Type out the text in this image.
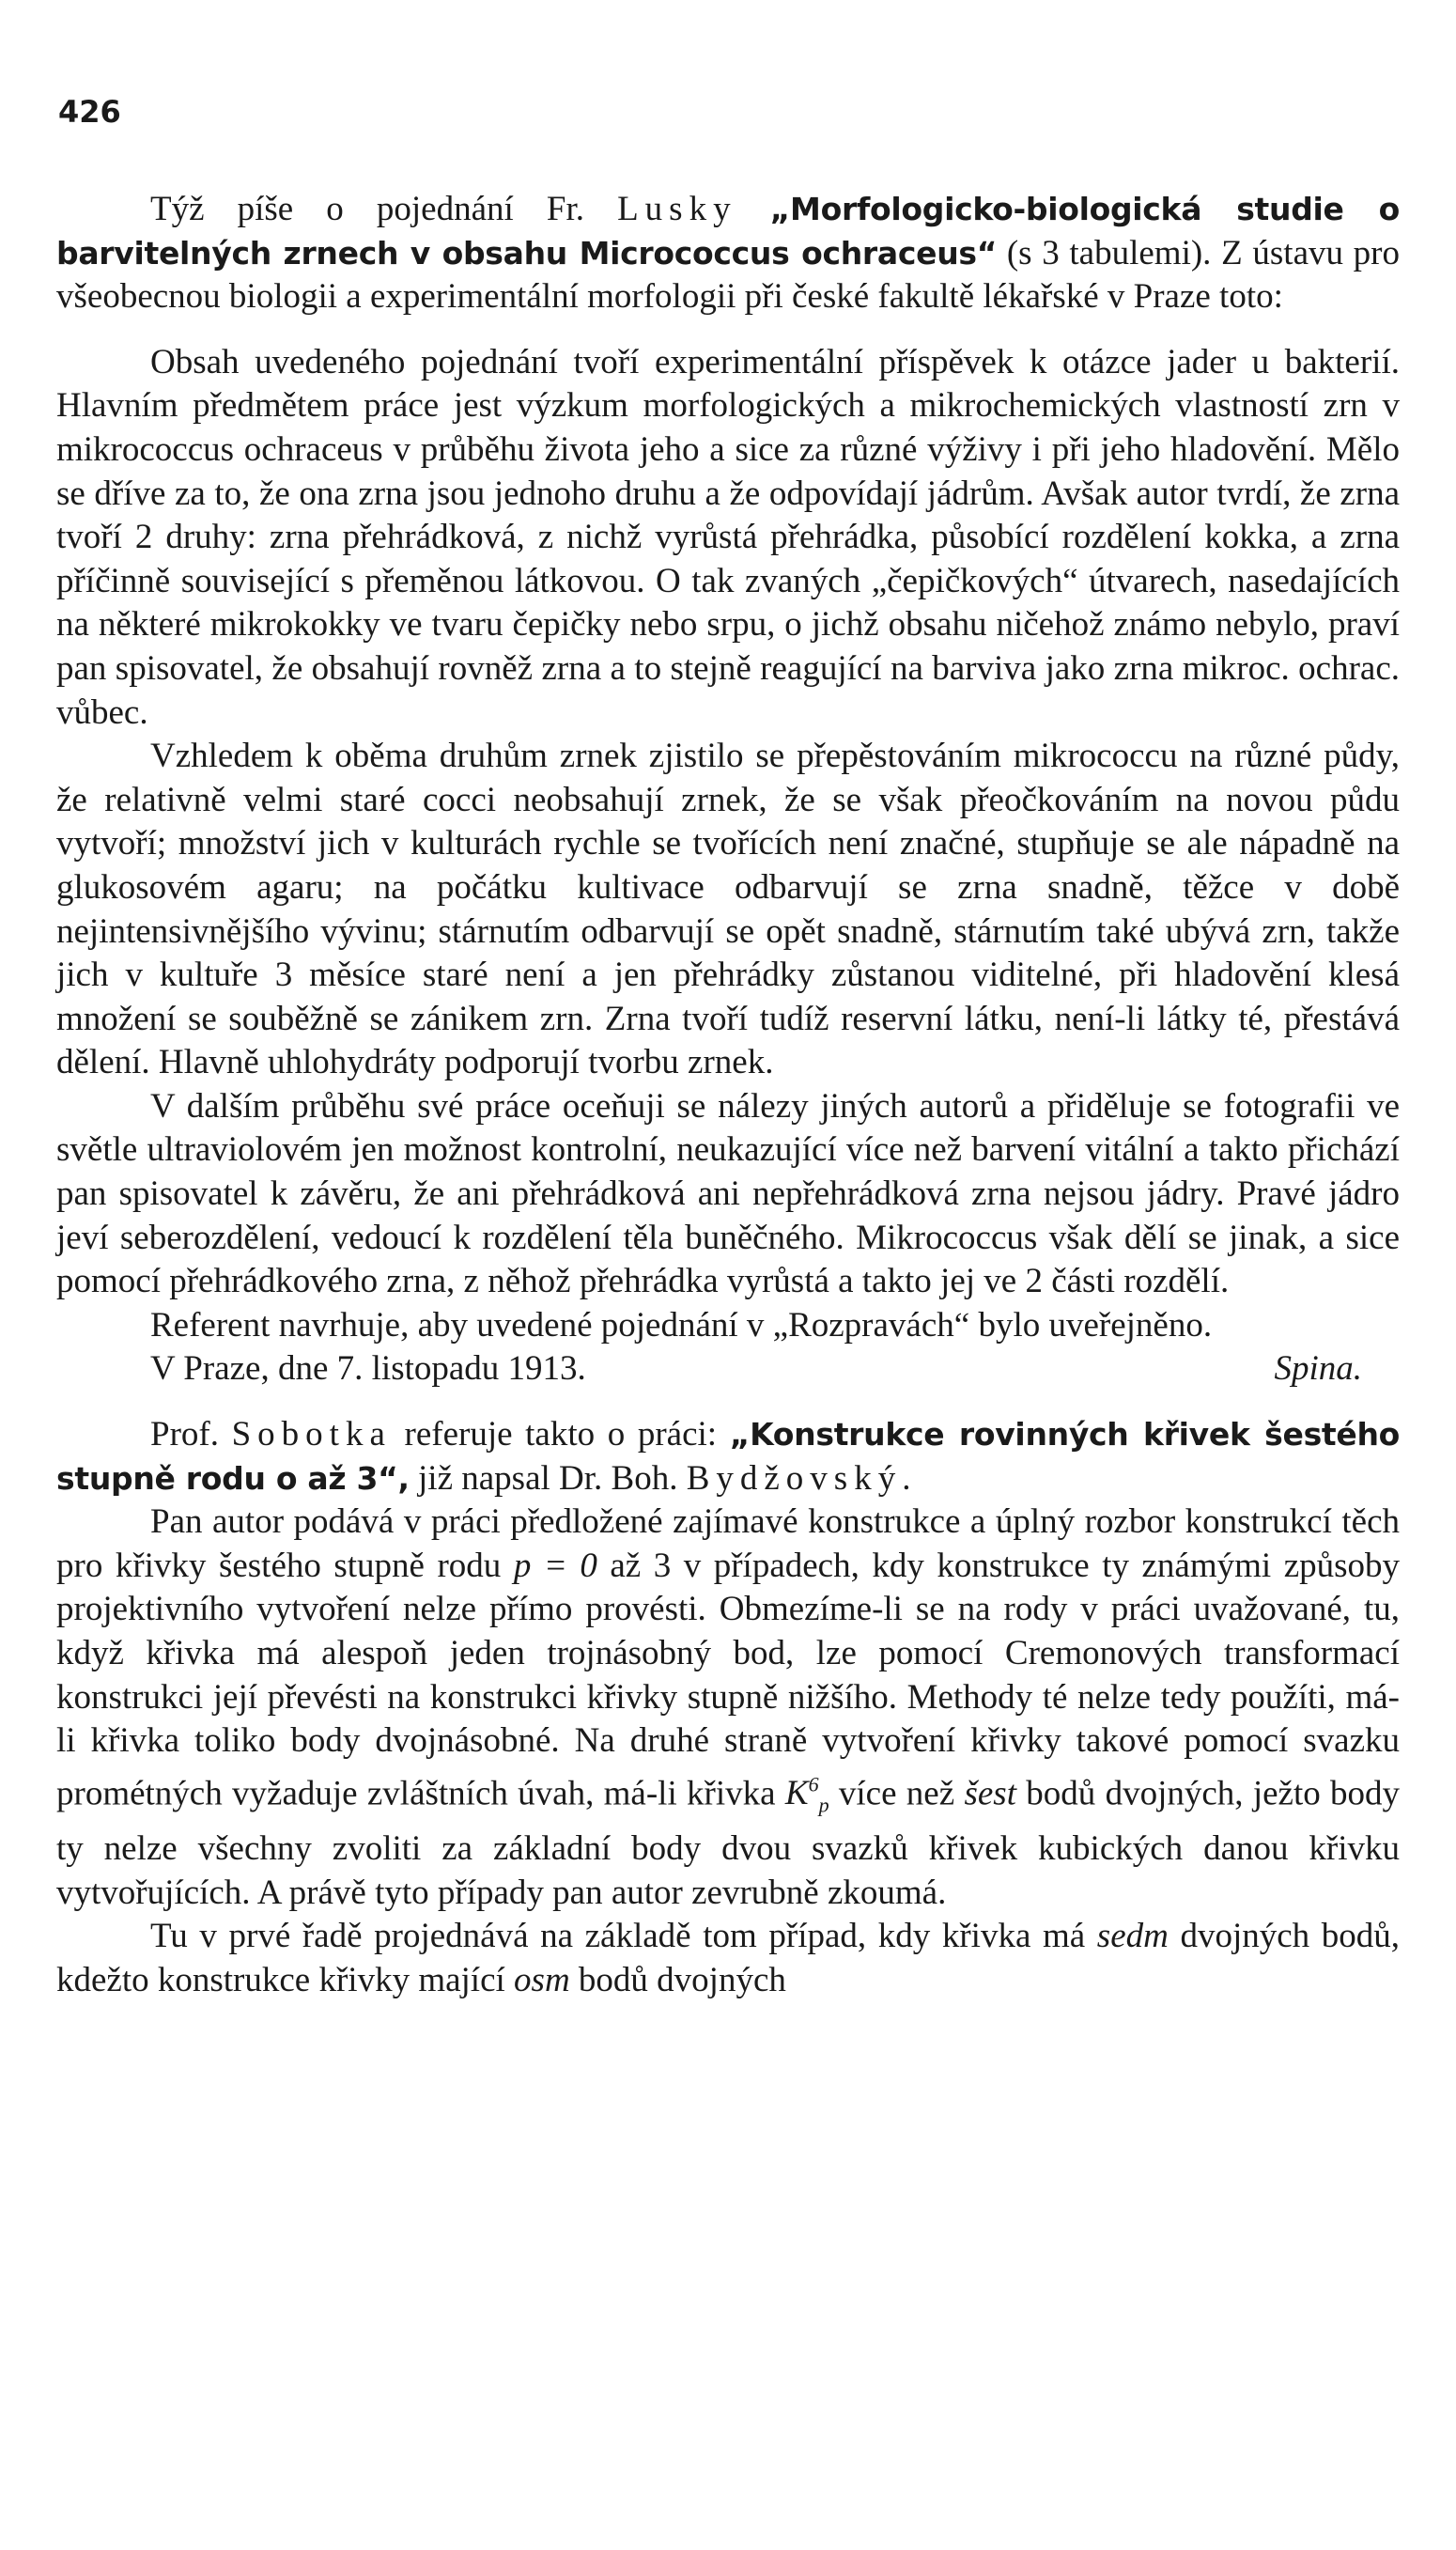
426

Týž píše o pojednání Fr. Lusky „Morfologicko-biologická studie o barvitelných zrnech v obsahu Micrococcus ochraceus“ (s 3 tabulemi). Z ústavu pro všeobecnou biologii a experimentální morfologii při české fakultě lékařské v Praze toto:

Obsah uvedeného pojednání tvoří experimentální příspěvek k otázce jader u bakterií. Hlavním předmětem práce jest výzkum morfologických a mikrochemických vlastností zrn v mikrococcus ochraceus v průběhu života jeho a sice za různé výživy i při jeho hladovění. Mělo se dříve za to, že ona zrna jsou jednoho druhu a že odpovídají jádrům. Avšak autor tvrdí, že zrna tvoří 2 druhy: zrna přehrádková, z nichž vyrůstá přehrádka, působící rozdělení kokka, a zrna příčinně související s přeměnou látkovou. O tak zvaných „čepičkových“ útvarech, nasedajících na některé mikrokokky ve tvaru čepičky nebo srpu, o jichž obsahu ničehož známo nebylo, praví pan spisovatel, že obsahují rovněž zrna a to stejně reagující na barviva jako zrna mikroc. ochrac. vůbec.

Vzhledem k oběma druhům zrnek zjistilo se přepěstováním mikrococcu na různé půdy, že relativně velmi staré cocci neobsahují zrnek, že se však přeočkováním na novou půdu vytvoří; množství jich v kulturách rychle se tvořících není značné, stupňuje se ale nápadně na glukosovém agaru; na počátku kultivace odbarvují se zrna snadně, těžce v době nejintensivnějšího vývinu; stárnutím odbarvují se opět snadně, stárnutím také ubývá zrn, takže jich v kultuře 3 měsíce staré není a jen přehrádky zůstanou viditelné, při hladovění klesá množení se souběžně se zánikem zrn. Zrna tvoří tudíž reservní látku, není-li látky té, přestává dělení. Hlavně uhlohydráty podporují tvorbu zrnek.

V dalším průběhu své práce oceňuji se nálezy jiných autorů a přiděluje se fotografii ve světle ultraviolovém jen možnost kontrolní, neukazující více než barvení vitální a takto přichází pan spisovatel k závěru, že ani přehrádková ani nepřehrádková zrna nejsou jádry. Pravé jádro jeví seberozdělení, vedoucí k rozdělení těla buněčného. Mikrococcus však dělí se jinak, a sice pomocí přehrádkového zrna, z něhož přehrádka vyrůstá a takto jej ve 2 části rozdělí.

Referent navrhuje, aby uvedené pojednání v „Rozpravách“ bylo uveřejněno.

V Praze, dne 7. listopadu 1913.	Spina.

Prof. Sobotka referuje takto o práci: „Konstrukce rovinných křivek šestého stupně rodu o až 3“, již napsal Dr. Boh. Bydžovský.

Pan autor podává v práci předložené zajímavé konstrukce a úplný rozbor konstrukcí těch pro křivky šestého stupně rodu p = 0 až 3 v případech, kdy konstrukce ty známými způsoby projektivního vytvoření nelze přímo provésti. Obmezíme-li se na rody v práci uvažované, tu, když křivka má alespoň jeden trojnásobný bod, lze pomocí Cremonových transformací konstrukci její převésti na konstrukci křivky stupně nižšího. Methody té nelze tedy použíti, má-li křivka toliko body dvojnásobné. Na druhé straně vytvoření křivky takové pomocí svazku prométných vyžaduje zvláštních úvah, má-li křivka $K^6_p$ více než šest bodů dvojných, ježto body ty nelze všechny zvoliti za základní body dvou svazků křivek kubických danou křivku vytvořujících. A právě tyto případy pan autor zevrubně zkoumá.

Tu v prvé řadě projednává na základě tom případ, kdy křivka má sedm dvojných bodů, kdežto konstrukce křivky mající osm bodů dvojných
